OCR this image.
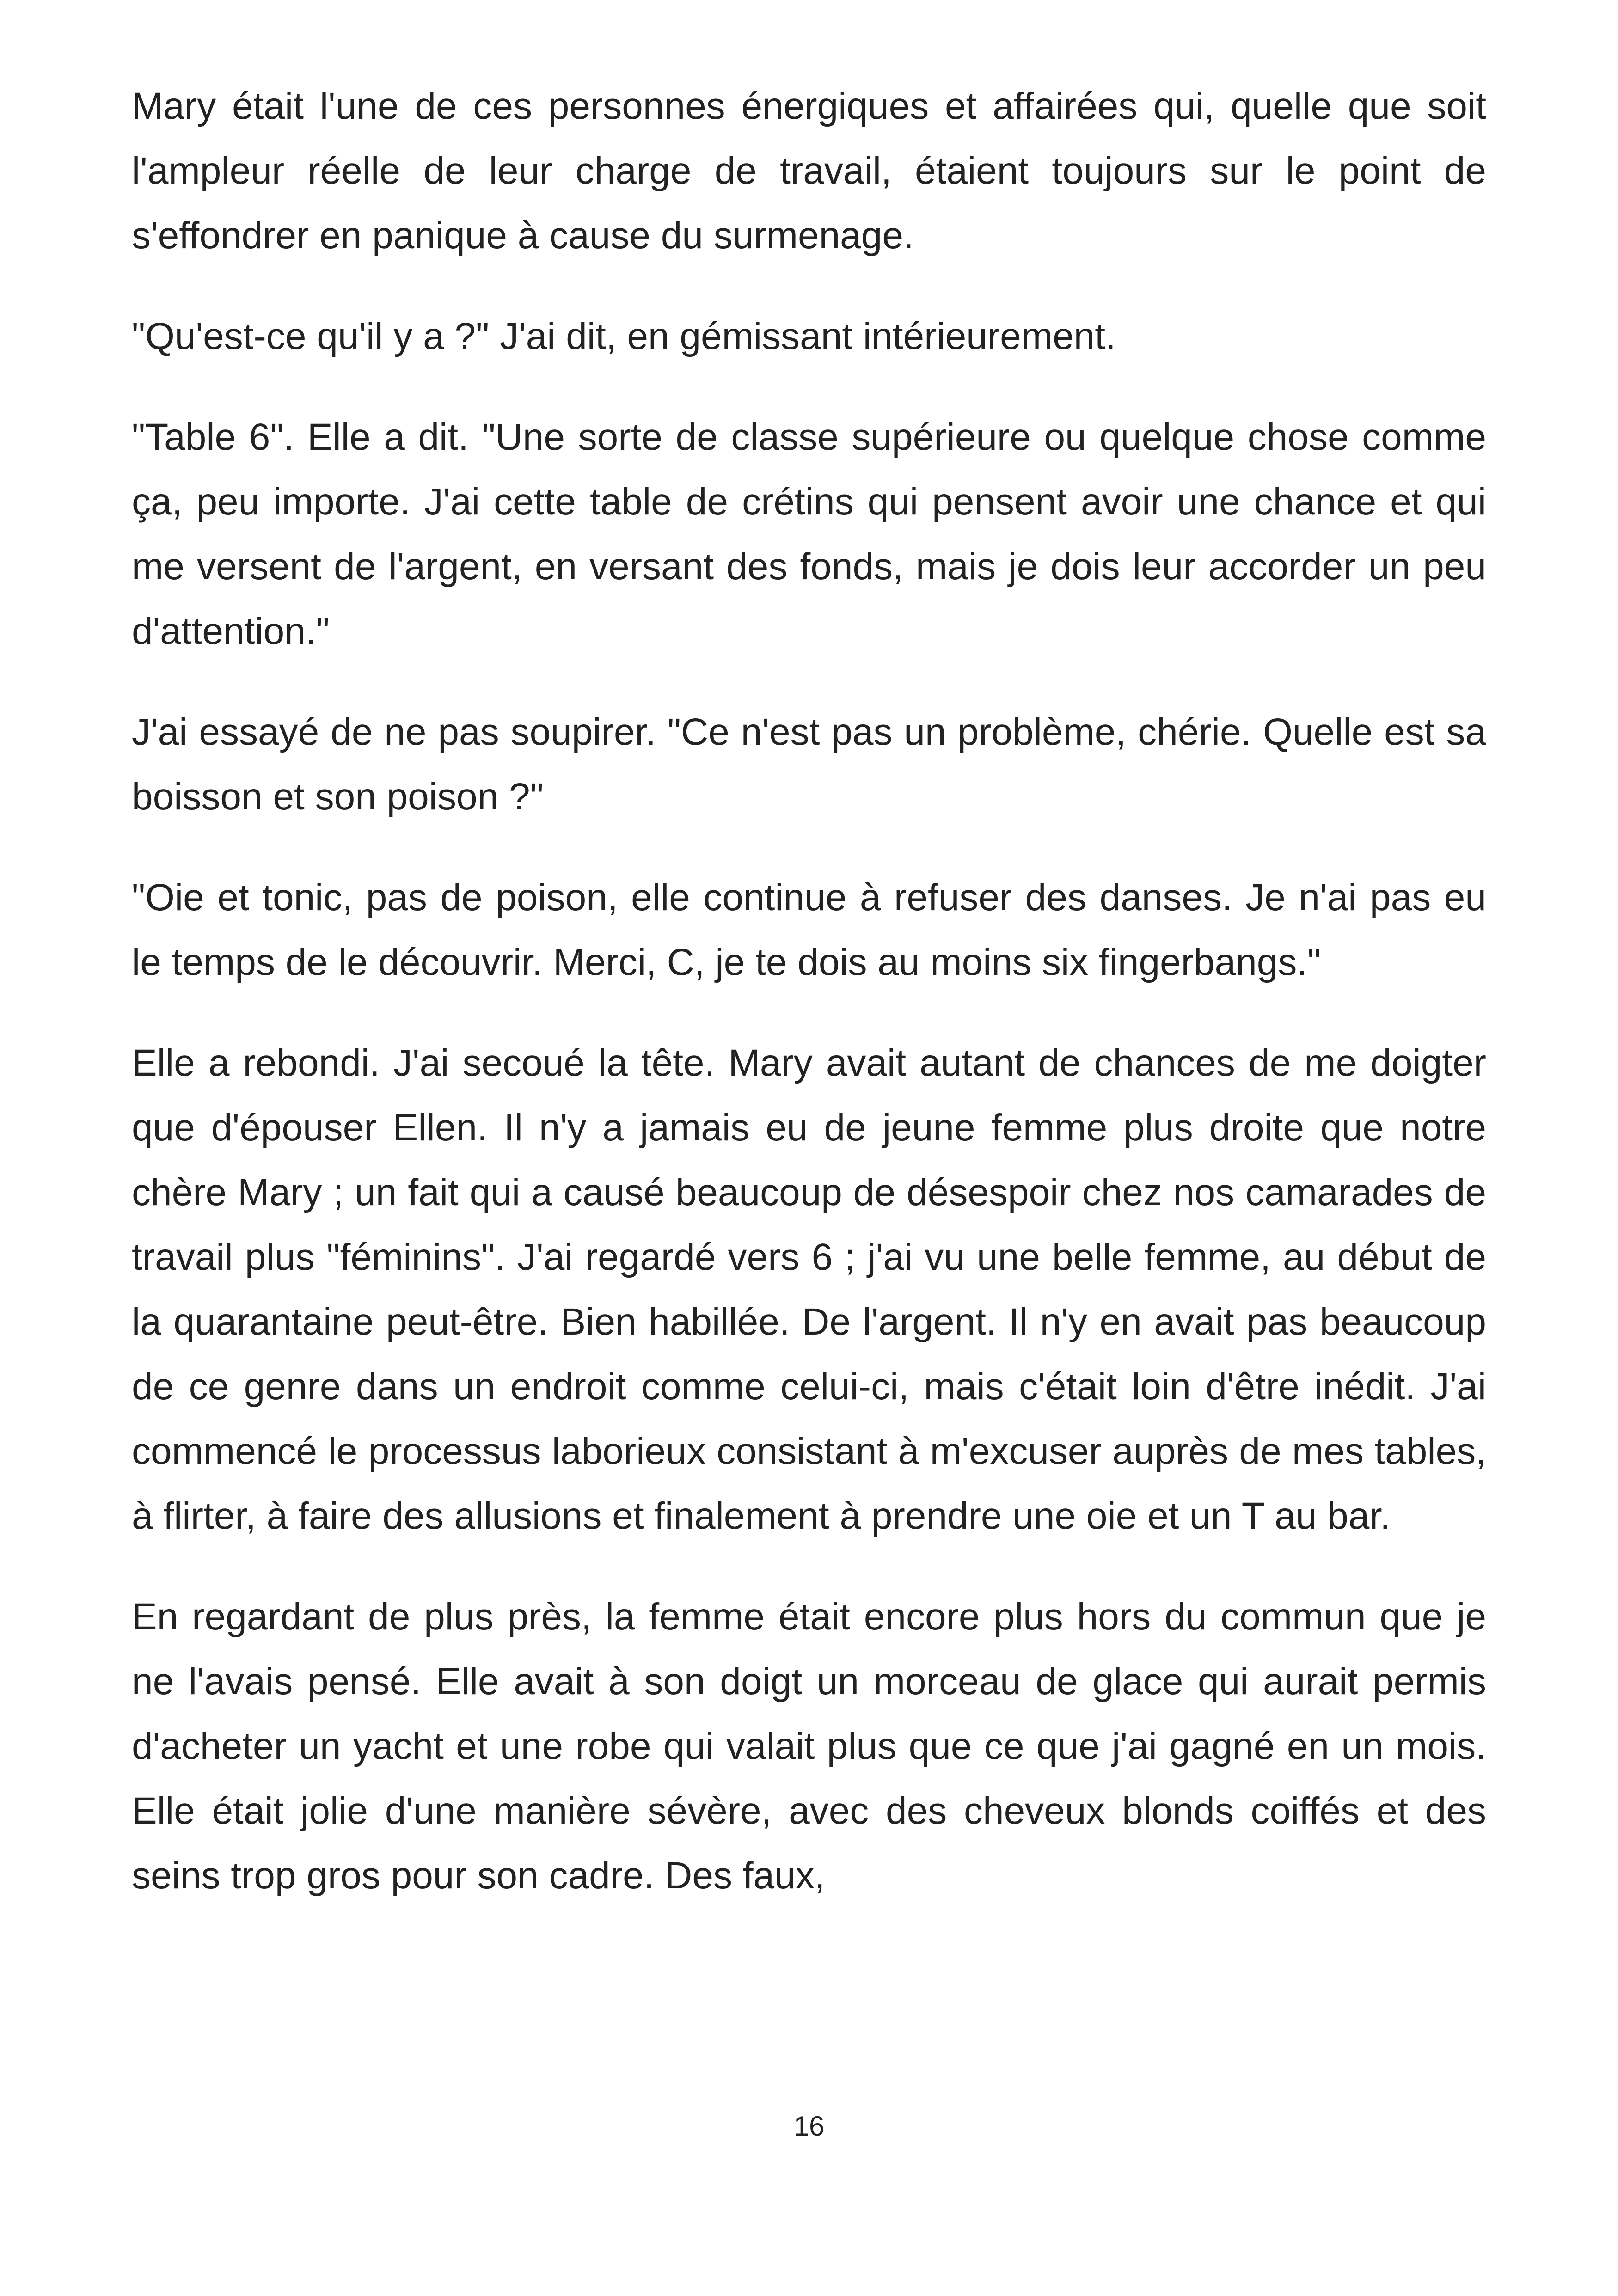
Mary était l'une de ces personnes énergiques et affairées qui, quelle que soit l'ampleur réelle de leur charge de travail, étaient toujours sur le point de s'effondrer en panique à cause du surmenage.

"Qu'est-ce qu'il y a ?" J'ai dit, en gémissant intérieurement.

"Table 6". Elle a dit. "Une sorte de classe supérieure ou quelque chose comme ça, peu importe. J'ai cette table de crétins qui pensent avoir une chance et qui me versent de l'argent, en versant des fonds, mais je dois leur accorder un peu d'attention."

J'ai essayé de ne pas soupirer. "Ce n'est pas un problème, chérie. Quelle est sa boisson et son poison ?"

"Oie et tonic, pas de poison, elle continue à refuser des danses. Je n'ai pas eu le temps de le découvrir. Merci, C, je te dois au moins six fingerbangs."

Elle a rebondi. J'ai secoué la tête. Mary avait autant de chances de me doigter que d'épouser Ellen. Il n'y a jamais eu de jeune femme plus droite que notre chère Mary ; un fait qui a causé beaucoup de désespoir chez nos camarades de travail plus "féminins". J'ai regardé vers 6 ; j'ai vu une belle femme, au début de la quarantaine peut-être. Bien habillée. De l'argent. Il n'y en avait pas beaucoup de ce genre dans un endroit comme celui-ci, mais c'était loin d'être inédit. J'ai commencé le processus laborieux consistant à m'excuser auprès de mes tables, à flirter, à faire des allusions et finalement à prendre une oie et un T au bar.

En regardant de plus près, la femme était encore plus hors du commun que je ne l'avais pensé. Elle avait à son doigt un morceau de glace qui aurait permis d'acheter un yacht et une robe qui valait plus que ce que j'ai gagné en un mois. Elle était jolie d'une manière sévère, avec des cheveux blonds coiffés et des seins trop gros pour son cadre. Des faux,

16
